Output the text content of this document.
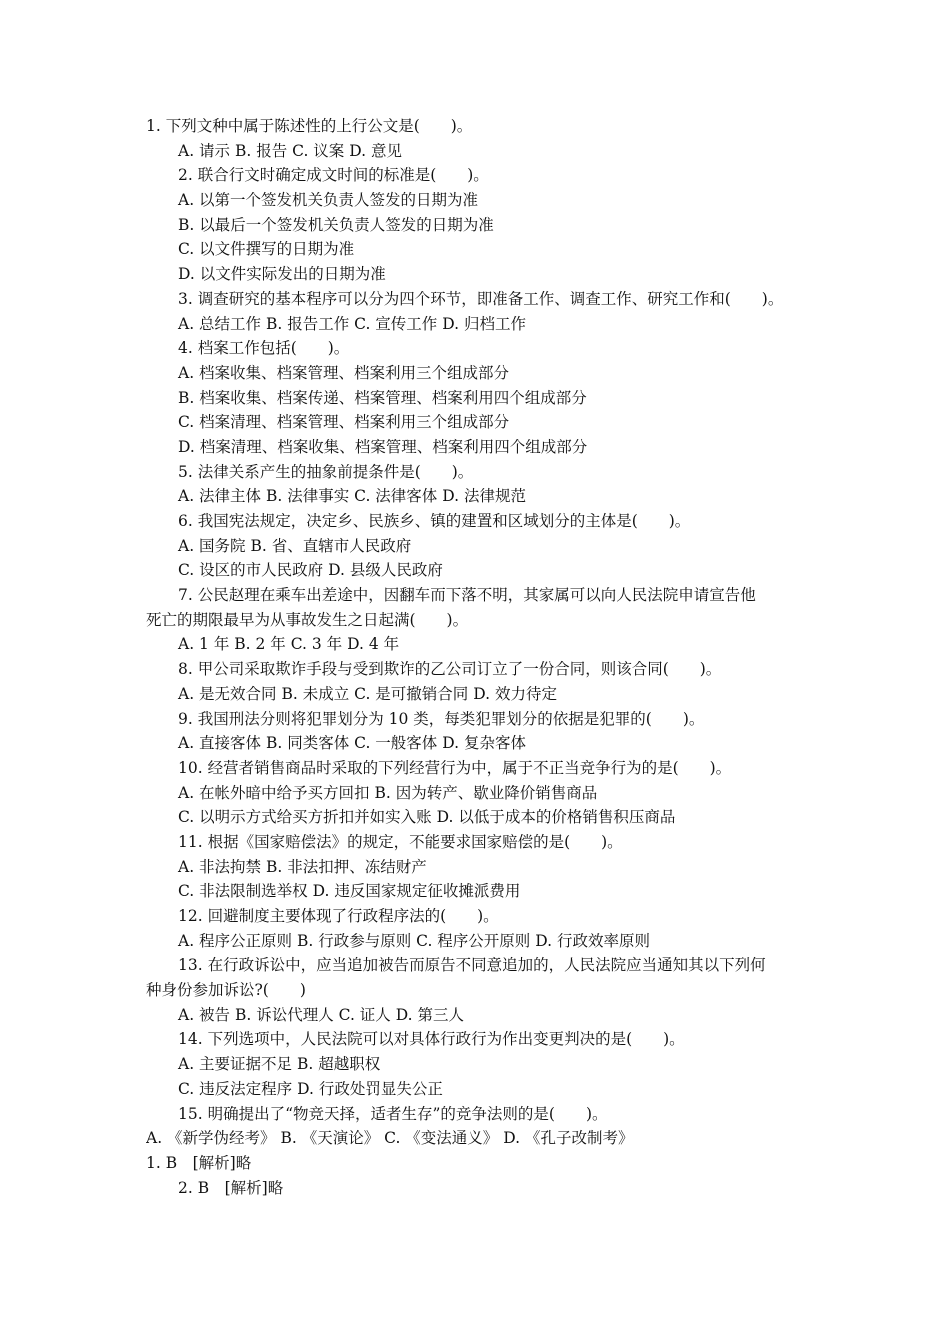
1. 下列文种中属于陈述性的上行公文是(　　)。
A. 请示 B. 报告 C. 议案 D. 意见
2. 联合行文时确定成文时间的标准是(　　)。
A. 以第一个签发机关负责人签发的日期为准
B. 以最后一个签发机关负责人签发的日期为准
C. 以文件撰写的日期为准
D. 以文件实际发出的日期为准
3. 调查研究的基本程序可以分为四个环节，即准备工作、调查工作、研究工作和(　　)。
A. 总结工作 B. 报告工作 C. 宣传工作 D. 归档工作
4. 档案工作包括(　　)。
A. 档案收集、档案管理、档案利用三个组成部分
B. 档案收集、档案传递、档案管理、档案利用四个组成部分
C. 档案清理、档案管理、档案利用三个组成部分
D. 档案清理、档案收集、档案管理、档案利用四个组成部分
5. 法律关系产生的抽象前提条件是(　　)。
A. 法律主体 B. 法律事实 C. 法律客体 D. 法律规范
6. 我国宪法规定，决定乡、民族乡、镇的建置和区域划分的主体是(　　)。
A. 国务院 B. 省、直辖市人民政府
C. 设区的市人民政府 D. 县级人民政府
7. 公民赵理在乘车出差途中，因翻车而下落不明，其家属可以向人民法院申请宣告他
死亡的期限最早为从事故发生之日起满(　　)。
A. 1 年 B. 2 年 C. 3 年 D. 4 年
8. 甲公司采取欺诈手段与受到欺诈的乙公司订立了一份合同，则该合同(　　)。
A. 是无效合同 B. 未成立 C. 是可撤销合同 D. 效力待定
9. 我国刑法分则将犯罪划分为 10 类，每类犯罪划分的依据是犯罪的(　　)。
A. 直接客体 B. 同类客体 C. 一般客体 D. 复杂客体
10. 经营者销售商品时采取的下列经营行为中，属于不正当竞争行为的是(　　)。
A. 在帐外暗中给予买方回扣 B. 因为转产、歇业降价销售商品
C. 以明示方式给买方折扣并如实入账 D. 以低于成本的价格销售积压商品
11. 根据《国家赔偿法》的规定，不能要求国家赔偿的是(　　)。
A. 非法拘禁 B. 非法扣押、冻结财产
C. 非法限制选举权 D. 违反国家规定征收摊派费用
12. 回避制度主要体现了行政程序法的(　　)。
A. 程序公正原则 B. 行政参与原则 C. 程序公开原则 D. 行政效率原则
13. 在行政诉讼中，应当追加被告而原告不同意追加的，人民法院应当通知其以下列何
种身份参加诉讼?(　　)
A. 被告 B. 诉讼代理人 C. 证人 D. 第三人
14. 下列选项中，人民法院可以对具体行政行为作出变更判决的是(　　)。
A. 主要证据不足 B. 超越职权
C. 违反法定程序 D. 行政处罚显失公正
15. 明确提出了“物竞天择，适者生存”的竞争法则的是(　　)。
A. 《新学伪经考》 B. 《天演论》 C. 《变法通义》 D. 《孔子改制考》
1. B　[解析]略
2. B　[解析]略
